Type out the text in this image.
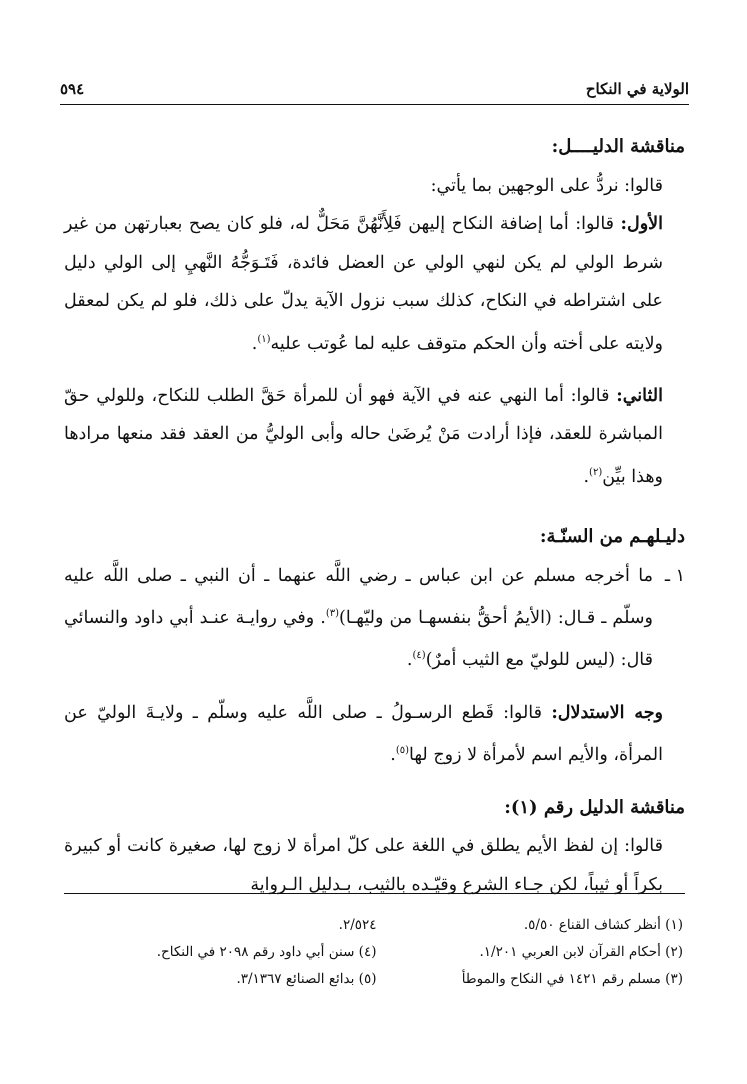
الولاية في النكاح
٥٩٤

مناقشة الدليــــل:

قالوا: نردُّ على الوجهين بما يأتي:

الأول: قالوا: أما إضافة النكاح إليهن فَلِأَنَّهُنَّ مَحَلٌّ له، فلو كان يصح بعبارتهن من غير شرط الولي لم يكن لنهي الولي عن العضل فائدة، فَتَـوَجُّهُ النَّهيِ إلى الولي دليل على اشتراطه في النكاح، كذلك سبب نزول الآية يدلّ على ذلك، فلو لم يكن لمعقل ولايته على أخته وأن الحكم متوقف عليه لما عُوتب عليه$^{(١)}$.

الثاني: قالوا: أما النهي عنه في الآية فهو أن للمرأة حَقَّ الطلب للنكاح، وللولي حقّ المباشرة للعقد، فإذا أرادت مَنْ يُرضَىٰ حاله وأبى الوليُّ من العقد فقد منعها مرادها وهذا بيِّن$^{(٢)}$.

دليـلهـم من السنّـة:

١ ـ
ما أخرجه مسلم عن ابن عباس ـ رضي اللَّه عنهما ـ أن النبي ـ صلى اللَّه عليه وسلّم ـ قـال: (الأيمُ أحقُّ بنفسهـا من وليّهـا)$^{(٣)}$. وفي روايـة عنـد أبي داود والنسائي قال: (ليس للوليّ مع الثيب أمرٌ)$^{(٤)}$.

وجه الاستدلال: قالوا: قَطع الرسـولُ ـ صلى اللَّه عليه وسلّم ـ ولايـةَ الوليّ عن المرأة، والأيم اسم لأمرأة لا زوج لها$^{(٥)}$.

مناقشة الدليل رقم (١):

قالوا: إن لفظ الأيم يطلق في اللغة على كلّ امرأة لا زوج لها، صغيرة كانت أو كبيرة بكراً أو ثيباً، لكن جـاء الشرع وقيّـده بالثيب، بـدليل الـرواية

(١) أنظر كشاف القناع ٥/٥٠.
٢/٥٢٤.
(٢) أحكام القرآن لابن العربي ١/٢٠١.
(٤) سنن أبي داود رقم ٢٠٩٨ في النكاح.
(٣) مسلم رقم ١٤٢١ في النكاح والموطأ
(٥) بدائع الصنائع ٣/١٣٦٧.
